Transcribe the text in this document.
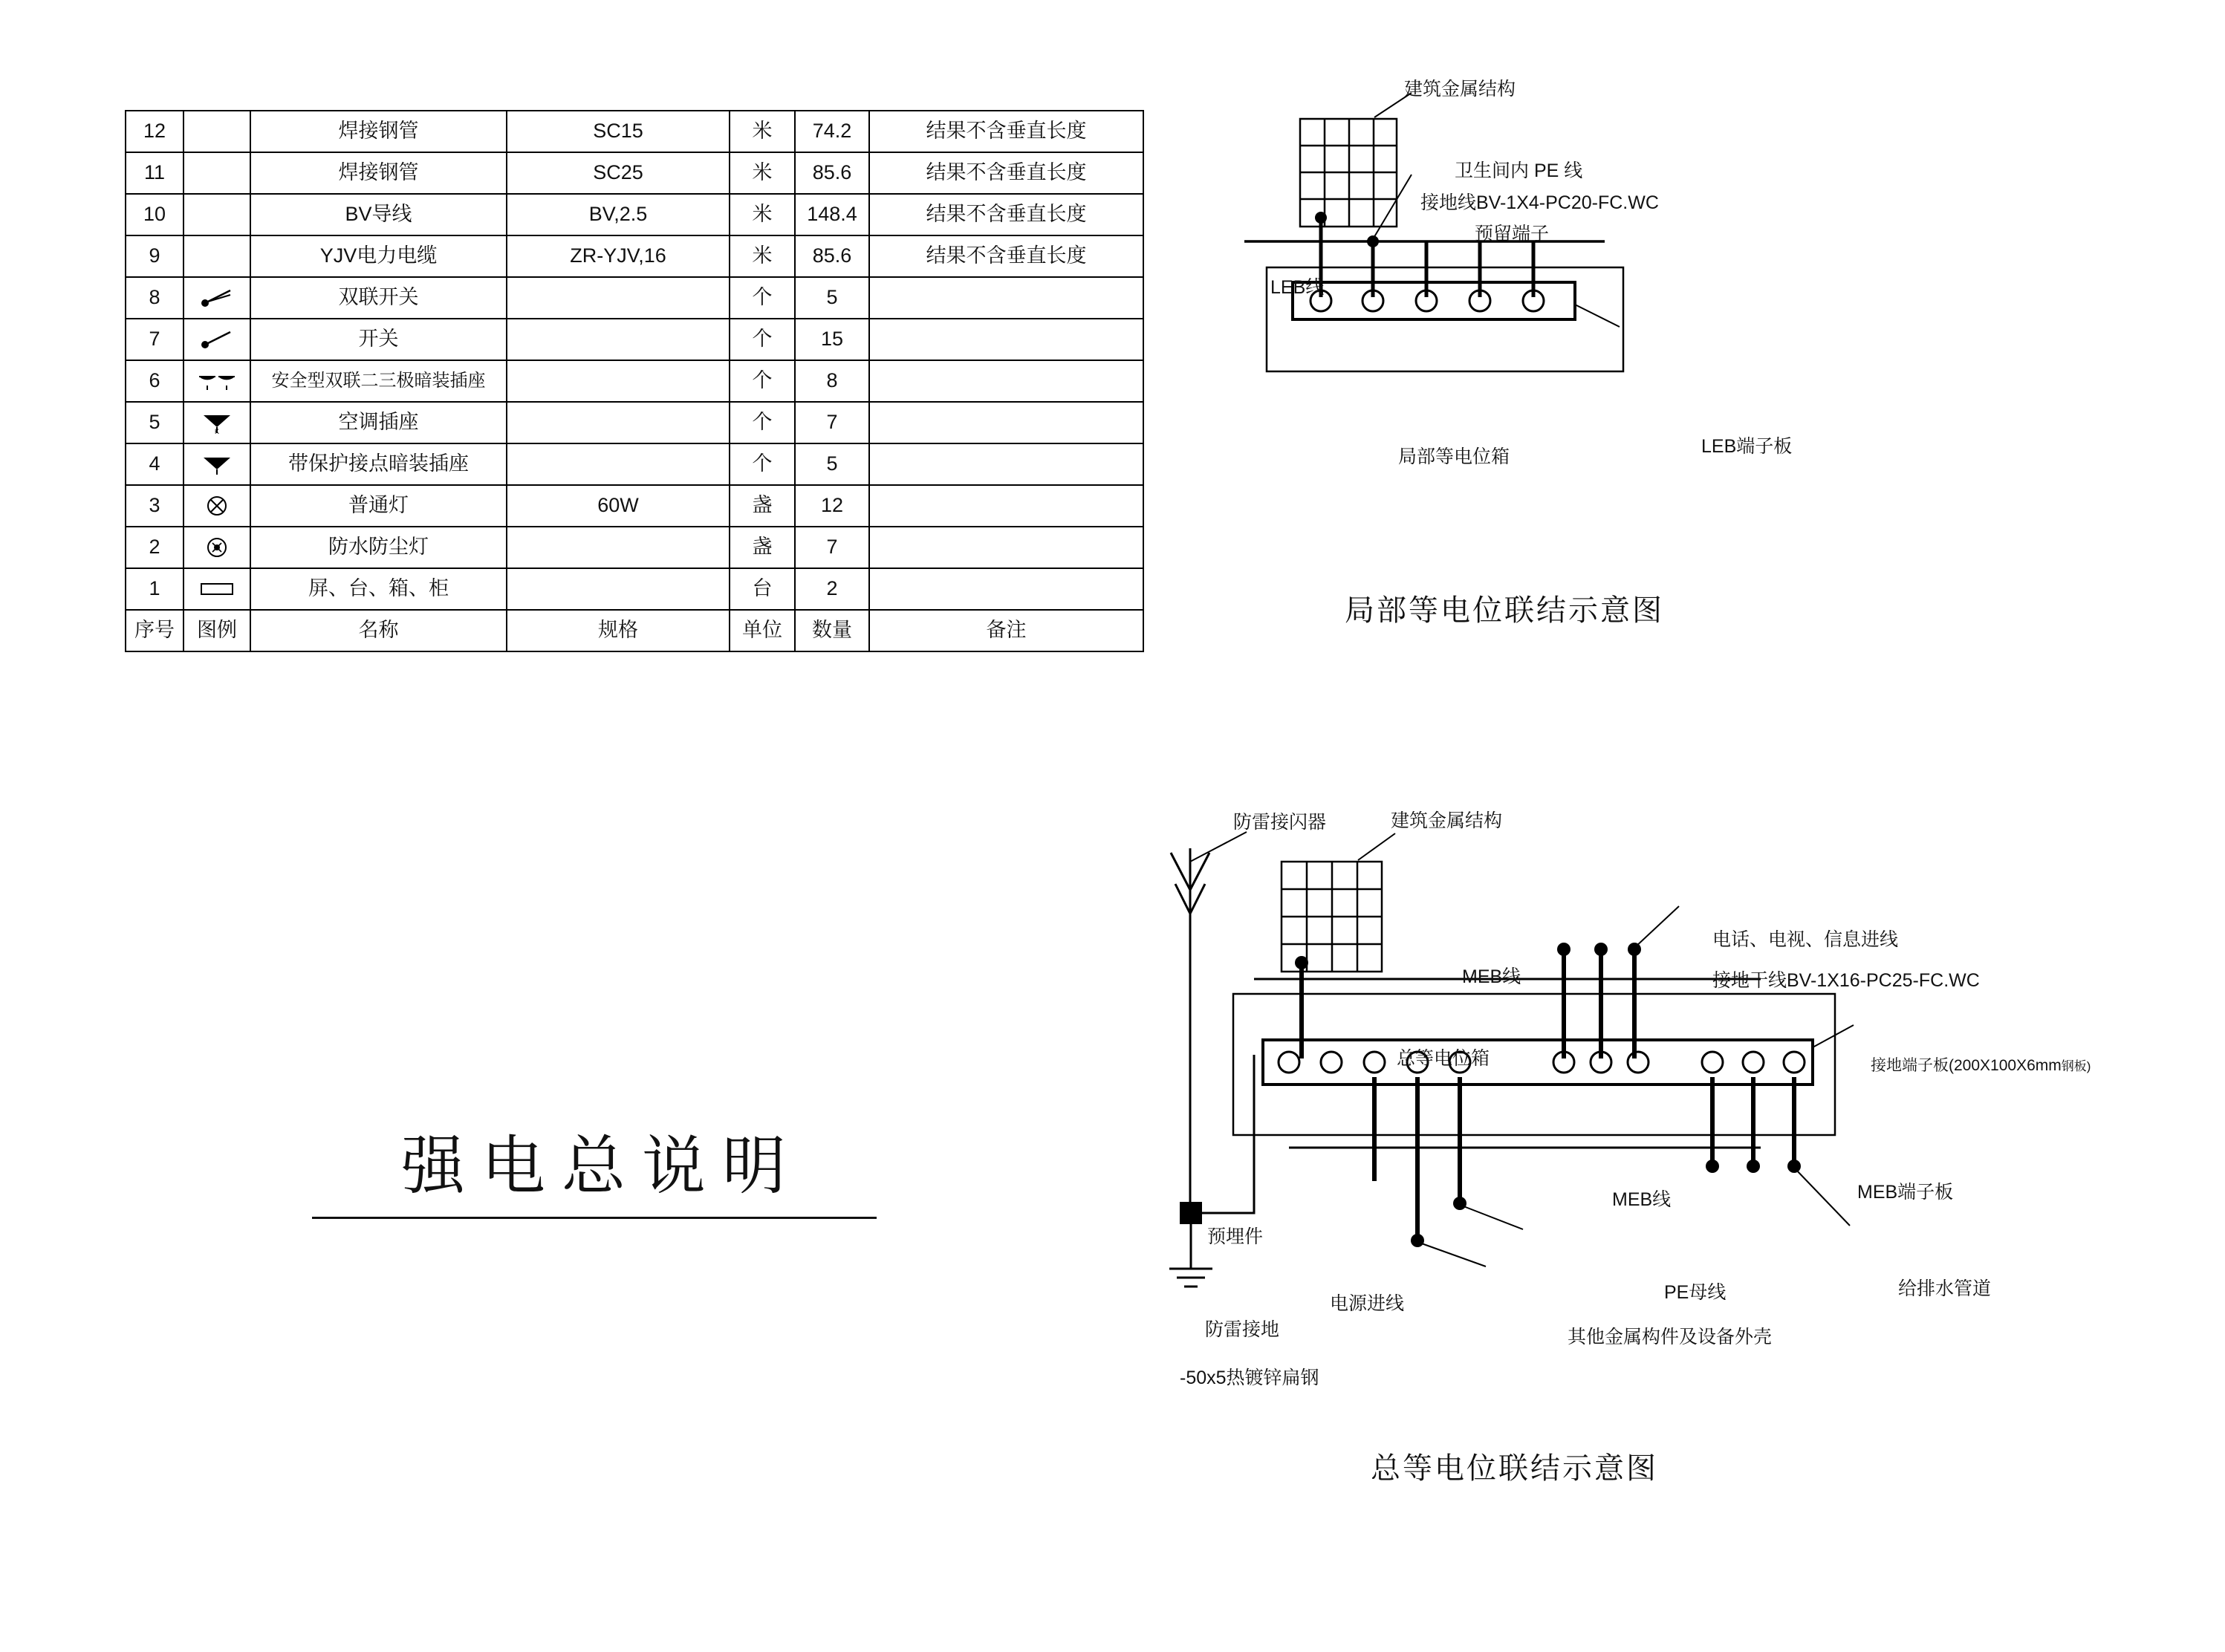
12		焊接钢管	SC15	米	74.2	结果不含垂直长度
11		焊接钢管	SC25	米	85.6	结果不含垂直长度
10		BV导线	BV,2.5	米	148.4	结果不含垂直长度
9		YJV电力电缆	ZR-YJV,16	米	85.6	结果不含垂直长度
8		双联开关		个	5	
7		开关		个	15	
6		安全型双联二三极暗装插座		个	8	
5	K	空调插座		个	7	
4		带保护接点暗装插座		个	5	
3		普通灯	60W	盏	12	
2		防水防尘灯		盏	7	
1		屏、台、箱、柜		台	2	
序号	图例	名称	规格	单位	数量	备注
建筑金属结构
卫生间内 PE 线
接地线BV-1X4-PC20-FC.WC
预留端子
LEB线
局部等电位箱	LEB端子板
局部等电位联结示意图
强电总说明
防雷接闪器	建筑金属结构
电话、电视、信息进线
接地干线BV-1X16-PC25-FC.WC
MEB线
总等电位箱	接地端子板(200X100X6mm钢板)
MEB线	MEB端子板
给排水管道
PE母线
其他金属构件及设备外壳
电源进线
预埋件
防雷接地
-50x5热镀锌扁钢
总等电位联结示意图
